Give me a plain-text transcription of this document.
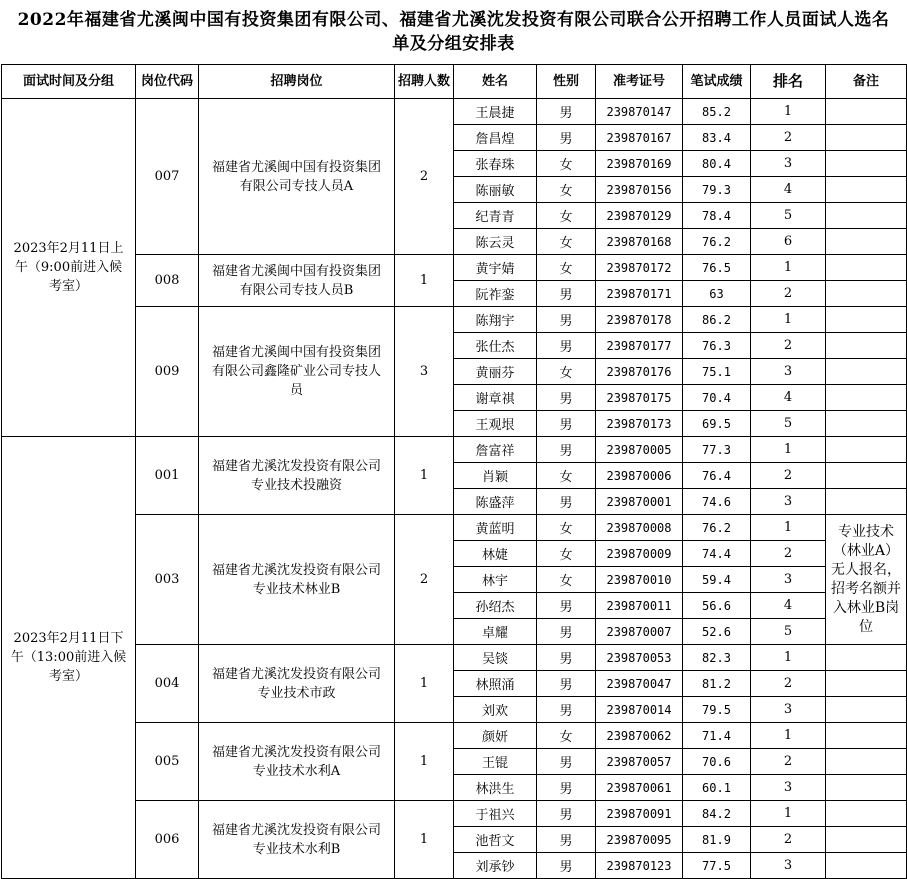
2022年福建省尤溪闽中国有投资集团有限公司、福建省尤溪沈发投资有限公司联合公开招聘工作人员面试人选名单及分组安排表
面试时间及分组	岗位代码	招聘岗位	招聘人数	姓名	性别	准考证号	笔试成绩	排名	备注
2023年2月11日上午（9:00前进入候考室）	007	福建省尤溪闽中国有投资集团有限公司专技人员A	2	王晨捷	男	239870147	85.2	1	
				詹昌煌	男	239870167	83.4	2	
				张春珠	女	239870169	80.4	3	
				陈丽敏	女	239870156	79.3	4	
				纪青青	女	239870129	78.4	5	
				陈云灵	女	239870168	76.2	6	
	008	福建省尤溪闽中国有投资集团有限公司专技人员B	1	黄宇婧	女	239870172	76.5	1	
				阮祚銮	男	239870171	63	2	
	009	福建省尤溪闽中国有投资集团有限公司鑫隆矿业公司专技人员	3	陈翔宇	男	239870178	86.2	1	
				张仕杰	男	239870177	76.3	2	
				黄丽芬	女	239870176	75.1	3	
				谢章祺	男	239870175	70.4	4	
				王观垠	男	239870173	69.5	5	
2023年2月11日下午（13:00前进入候考室）	001	福建省尤溪沈发投资有限公司专业技术投融资	1	詹富祥	男	239870005	77.3	1	
				肖颖	女	239870006	76.4	2	
				陈盛萍	男	239870001	74.6	3	
	003	福建省尤溪沈发投资有限公司专业技术林业B	2	黄蓝明	女	239870008	76.2	1	专业技术（林业A）无人报名，招考名额并入林业B岗位
				林婕	女	239870009	74.4	2	
				林宇	女	239870010	59.4	3	
				孙绍杰	男	239870011	56.6	4	
				卓耀	男	239870007	52.6	5	
	004	福建省尤溪沈发投资有限公司专业技术市政	1	吴锬	男	239870053	82.3	1	
				林照涌	男	239870047	81.2	2	
				刘欢	男	239870014	79.5	3	
	005	福建省尤溪沈发投资有限公司专业技术水利A	1	颜妍	女	239870062	71.4	1	
				王锟	男	239870057	70.6	2	
				林洪生	男	239870061	60.1	3	
	006	福建省尤溪沈发投资有限公司专业技术水利B	1	于祖兴	男	239870091	84.2	1	
				池哲文	男	239870095	81.9	2	
				刘承钞	男	239870123	77.5	3	
